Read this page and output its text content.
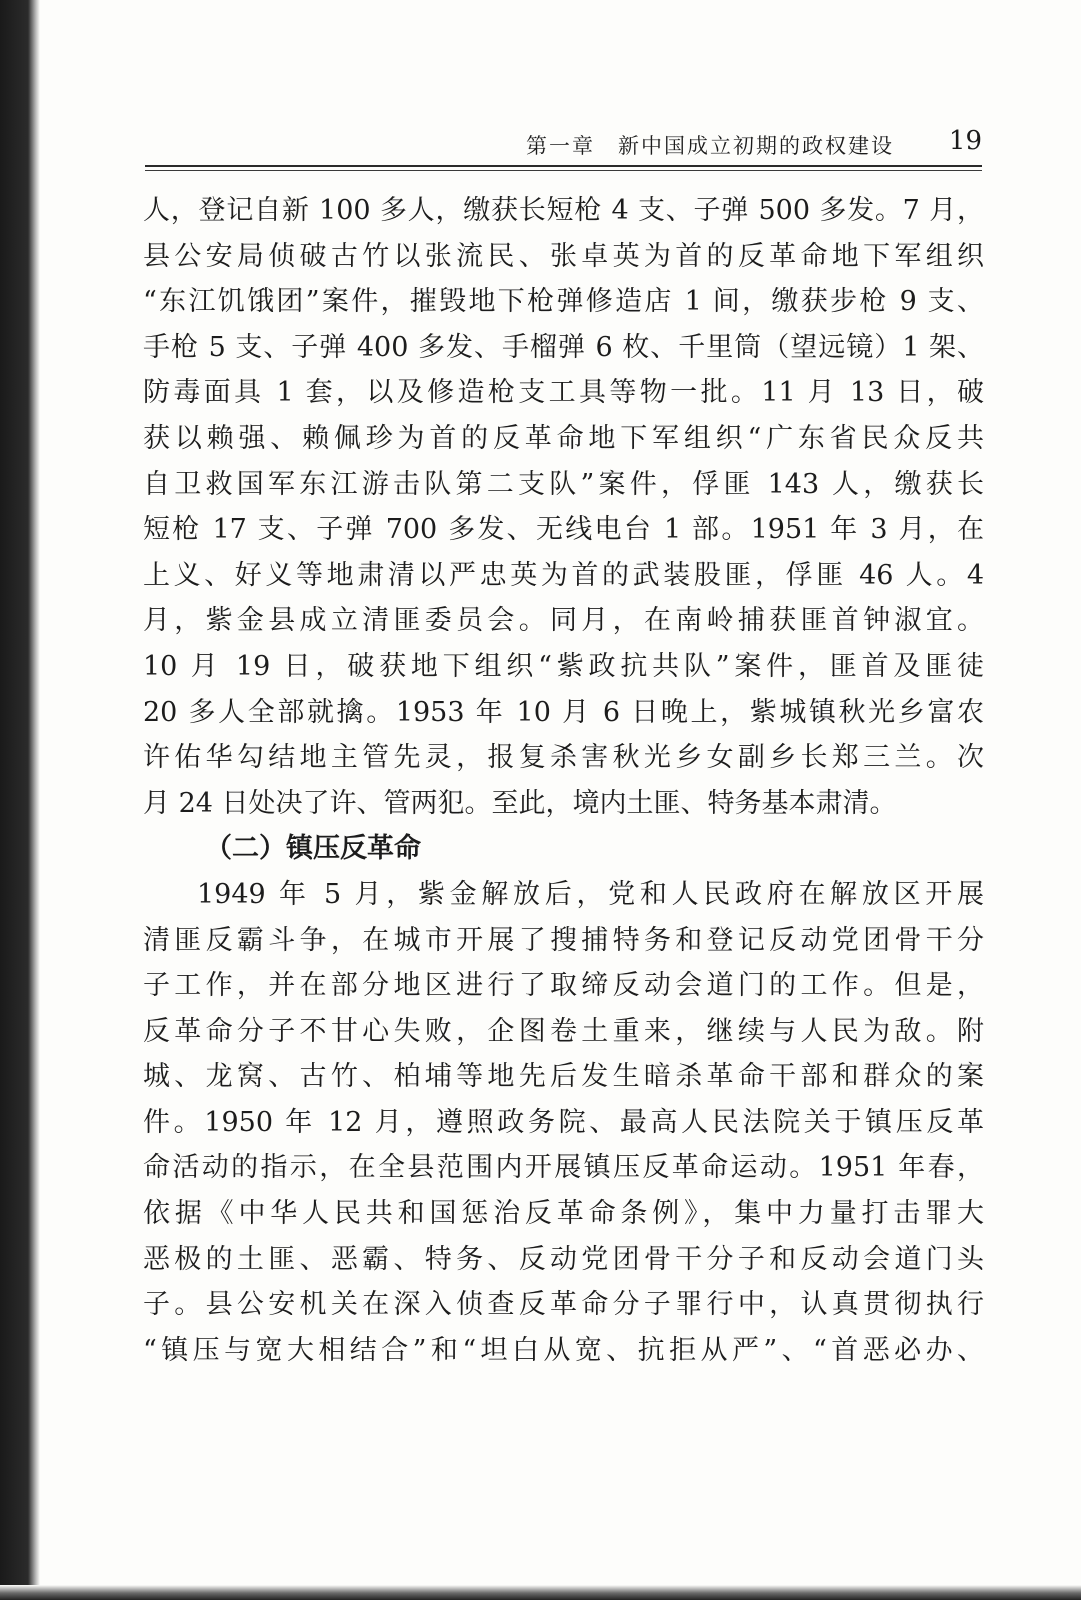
第一章　新中国成立初期的政权建设 19
人，登记自新 100 多人，缴获长短枪 4 支、子弹 500 多发。7 月，
县公安局侦破古竹以张流民、张卓英为首的反革命地下军组织
“东江饥饿团”案件，摧毁地下枪弹修造店 1 间，缴获步枪 9 支、
手枪 5 支、子弹 400 多发、手榴弹 6 枚、千里筒（望远镜）1 架、
防毒面具 1 套，以及修造枪支工具等物一批。11 月 13 日，破
获以赖强、赖佩珍为首的反革命地下军组织“广东省民众反共
自卫救国军东江游击队第二支队”案件，俘匪 143 人，缴获长
短枪 17 支、子弹 700 多发、无线电台 1 部。1951 年 3 月，在
上义、好义等地肃清以严忠英为首的武装股匪，俘匪 46 人。4
月，紫金县成立清匪委员会。同月，在南岭捕获匪首钟淑宜。
10 月 19 日，破获地下组织“紫政抗共队”案件，匪首及匪徒
20 多人全部就擒。1953 年 10 月 6 日晚上，紫城镇秋光乡富农
许佑华勾结地主管先灵，报复杀害秋光乡女副乡长郑三兰。次
月 24 日处决了许、管两犯。至此，境内土匪、特务基本肃清。
（二）镇压反革命
1949 年 5 月，紫金解放后，党和人民政府在解放区开展
清匪反霸斗争，在城市开展了搜捕特务和登记反动党团骨干分
子工作，并在部分地区进行了取缔反动会道门的工作。但是，
反革命分子不甘心失败，企图卷土重来，继续与人民为敌。附
城、龙窝、古竹、柏埔等地先后发生暗杀革命干部和群众的案
件。1950 年 12 月，遵照政务院、最高人民法院关于镇压反革
命活动的指示，在全县范围内开展镇压反革命运动。1951 年春，
依据《中华人民共和国惩治反革命条例》，集中力量打击罪大
恶极的土匪、恶霸、特务、反动党团骨干分子和反动会道门头
子。县公安机关在深入侦查反革命分子罪行中，认真贯彻执行
“镇压与宽大相结合”和“坦白从宽、抗拒从严”、“首恶必办、
